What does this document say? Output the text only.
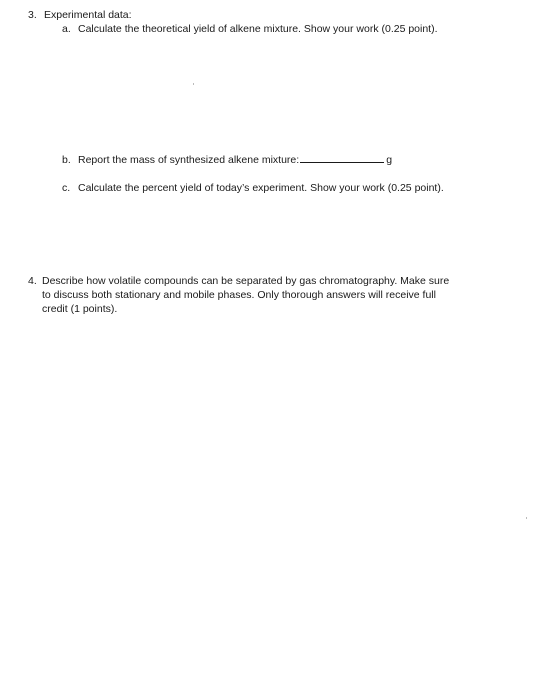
3. Experimental data:
a. Calculate the theoretical yield of alkene mixture. Show your work (0.25 point).
b. Report the mass of synthesized alkene mixture:	g
c. Calculate the percent yield of today’s experiment. Show your work (0.25 point).
4. Describe how volatile compounds can be separated by gas chromatography. Make sure
to discuss both stationary and mobile phases. Only thorough answers will receive full
credit (1 points).
